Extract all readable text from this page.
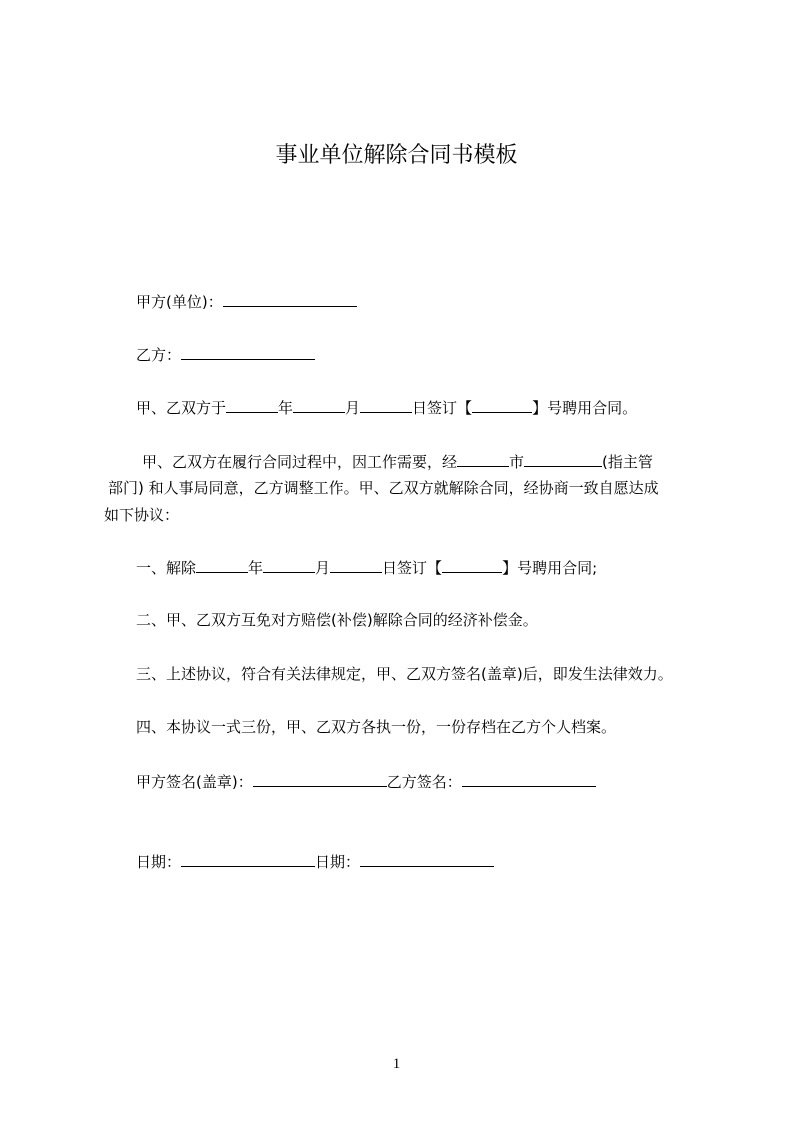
事业单位解除合同书模板
甲方(单位)：
乙方：
甲、乙双方于	年	月	日签订【	】号聘用合同。
甲、乙双方在履行合同过程中，因工作需要，经	市	(指主管
部门) 和人事局同意，乙方调整工作。甲、乙双方就解除合同，经协商一致自愿达成
如下协议：
一、解除	年	月	日签订【	】号聘用合同;
二、甲、乙双方互免对方赔偿(补偿)解除合同的经济补偿金。
三、上述协议，符合有关法律规定，甲、乙双方签名(盖章)后，即发生法律效力。
四、本协议一式三份，甲、乙双方各执一份，一份存档在乙方个人档案。
甲方签名(盖章)：	乙方签名：
日期：	日期：
1
